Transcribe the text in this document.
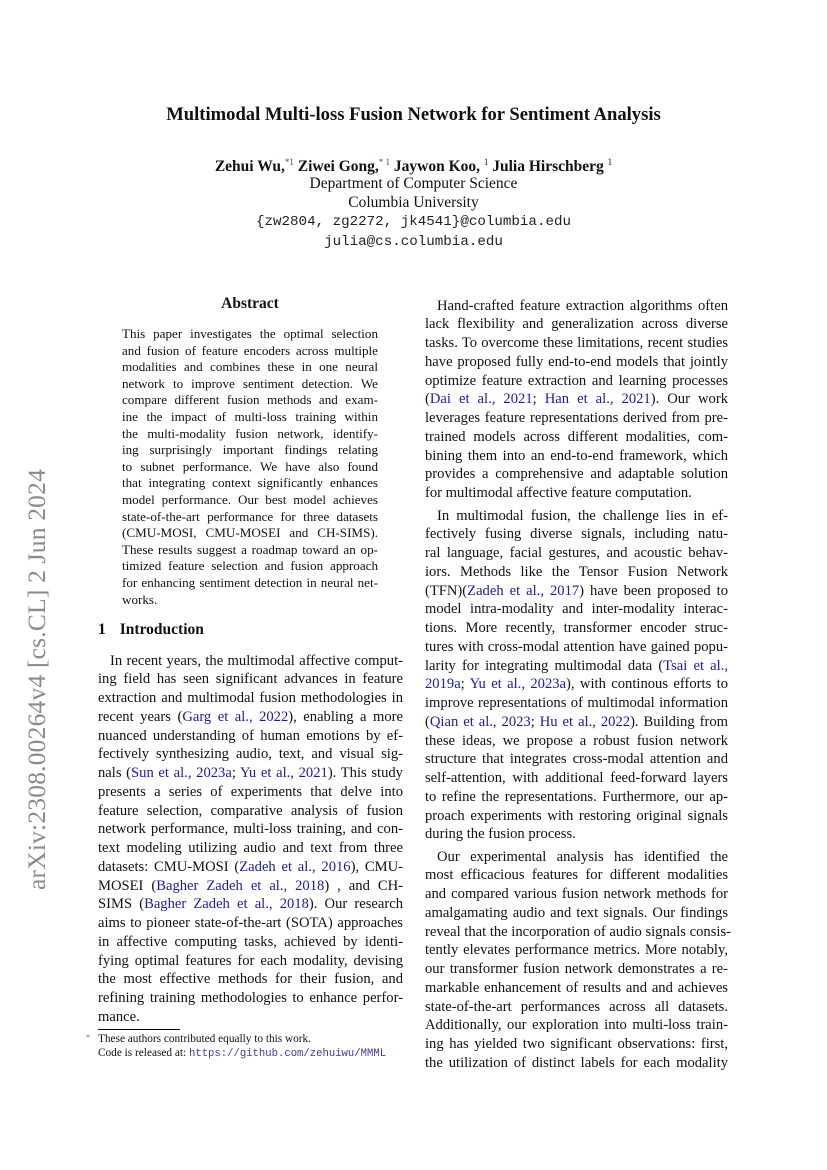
arXiv:2308.00264v4 [cs.CL] 2 Jun 2024
Multimodal Multi-loss Fusion Network for Sentiment Analysis
Zehui Wu,$^{*1}$ Ziwei Gong,$^{* 1}$ Jaywon Koo, $^1$ Julia Hirschberg $^1$
Department of Computer Science
Columbia University
{zw2804, zg2272, jk4541}@columbia.edu
julia@cs.columbia.edu
Abstract
This paper investigates the optimal selection
and fusion of feature encoders across multiple
modalities and combines these in one neural
network to improve sentiment detection. We
compare different fusion methods and exam-
ine the impact of multi-loss training within
the multi-modality fusion network, identify-
ing surprisingly important findings relating
to subnet performance. We have also found
that integrating context significantly enhances
model performance. Our best model achieves
state-of-the-art performance for three datasets
(CMU-MOSI, CMU-MOSEI and CH-SIMS).
These results suggest a roadmap toward an op-
timized feature selection and fusion approach
for enhancing sentiment detection in neural net-
works.
1 Introduction
In recent years, the multimodal affective comput-
ing field has seen significant advances in feature
extraction and multimodal fusion methodologies in
recent years (Garg et al., 2022), enabling a more
nuanced understanding of human emotions by ef-
fectively synthesizing audio, text, and visual sig-
nals (Sun et al., 2023a; Yu et al., 2021). This study
presents a series of experiments that delve into
feature selection, comparative analysis of fusion
network performance, multi-loss training, and con-
text modeling utilizing audio and text from three
datasets: CMU-MOSI (Zadeh et al., 2016), CMU-
MOSEI (Bagher Zadeh et al., 2018) , and CH-
SIMS (Bagher Zadeh et al., 2018). Our research
aims to pioneer state-of-the-art (SOTA) approaches
in affective computing tasks, achieved by identi-
fying optimal features for each modality, devising
the most effective methods for their fusion, and
refining training methodologies to enhance perfor-
mance.
Hand-crafted feature extraction algorithms often
lack flexibility and generalization across diverse
tasks. To overcome these limitations, recent studies
have proposed fully end-to-end models that jointly
optimize feature extraction and learning processes
(Dai et al., 2021; Han et al., 2021). Our work
leverages feature representations derived from pre-
trained models across different modalities, com-
bining them into an end-to-end framework, which
provides a comprehensive and adaptable solution
for multimodal affective feature computation.
In multimodal fusion, the challenge lies in ef-
fectively fusing diverse signals, including natu-
ral language, facial gestures, and acoustic behav-
iors. Methods like the Tensor Fusion Network
(TFN)(Zadeh et al., 2017) have been proposed to
model intra-modality and inter-modality interac-
tions. More recently, transformer encoder struc-
tures with cross-modal attention have gained popu-
larity for integrating multimodal data (Tsai et al.,
2019a; Yu et al., 2023a), with continous efforts to
improve representations of multimodal information
(Qian et al., 2023; Hu et al., 2022). Building from
these ideas, we propose a robust fusion network
structure that integrates cross-modal attention and
self-attention, with additional feed-forward layers
to refine the representations. Furthermore, our ap-
proach experiments with restoring original signals
during the fusion process.
Our experimental analysis has identified the
most efficacious features for different modalities
and compared various fusion network methods for
amalgamating audio and text signals. Our findings
reveal that the incorporation of audio signals consis-
tently elevates performance metrics. More notably,
our transformer fusion network demonstrates a re-
markable enhancement of results and and achieves
state-of-the-art performances across all datasets.
Additionally, our exploration into multi-loss train-
ing has yielded two significant observations: first,
the utilization of distinct labels for each modality
* These authors contributed equally to this work.
Code is released at: https://github.com/zehuiwu/MMML
